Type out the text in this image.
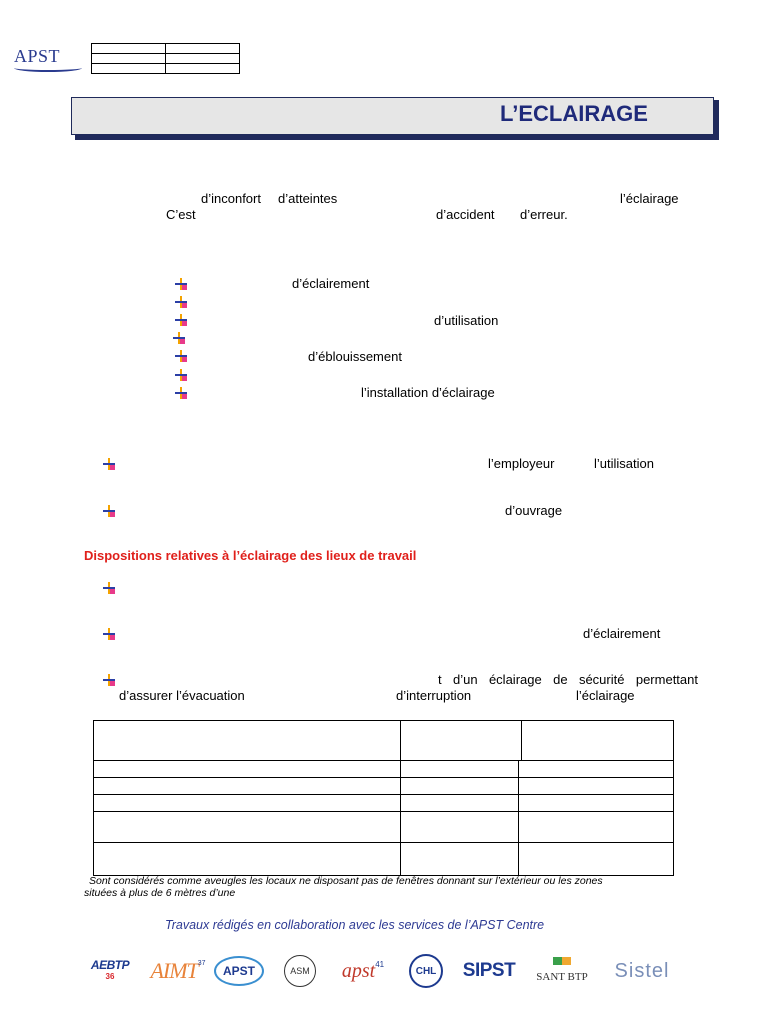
APST

L’ECLAIRAGE
d’inconfort d’atteintes	l’éclairage
C’est	d’accident d’erreur.
d’éclairement
d’utilisation
d’éblouissement
l’installation d’éclairage
l’employeur	l’utilisation
d’ouvrage
Dispositions relatives à l’éclairage des lieux de travail
d’éclairement
t d’un éclairage de sécurité permettant
d’assurer l’évacuation	d’interruption	l’éclairage
Sont considérés comme aveugles les locaux ne disposant pas de fenêtres donnant sur l’extérieur ou les zones
situées à plus de 6 mètres d’une
Travaux rédigés en collaboration avec les services de l’APST Centre
AEBTP
36	AIMT 37
APST	ASM apst 41
CHL SIPST SANT BTP Sistel
